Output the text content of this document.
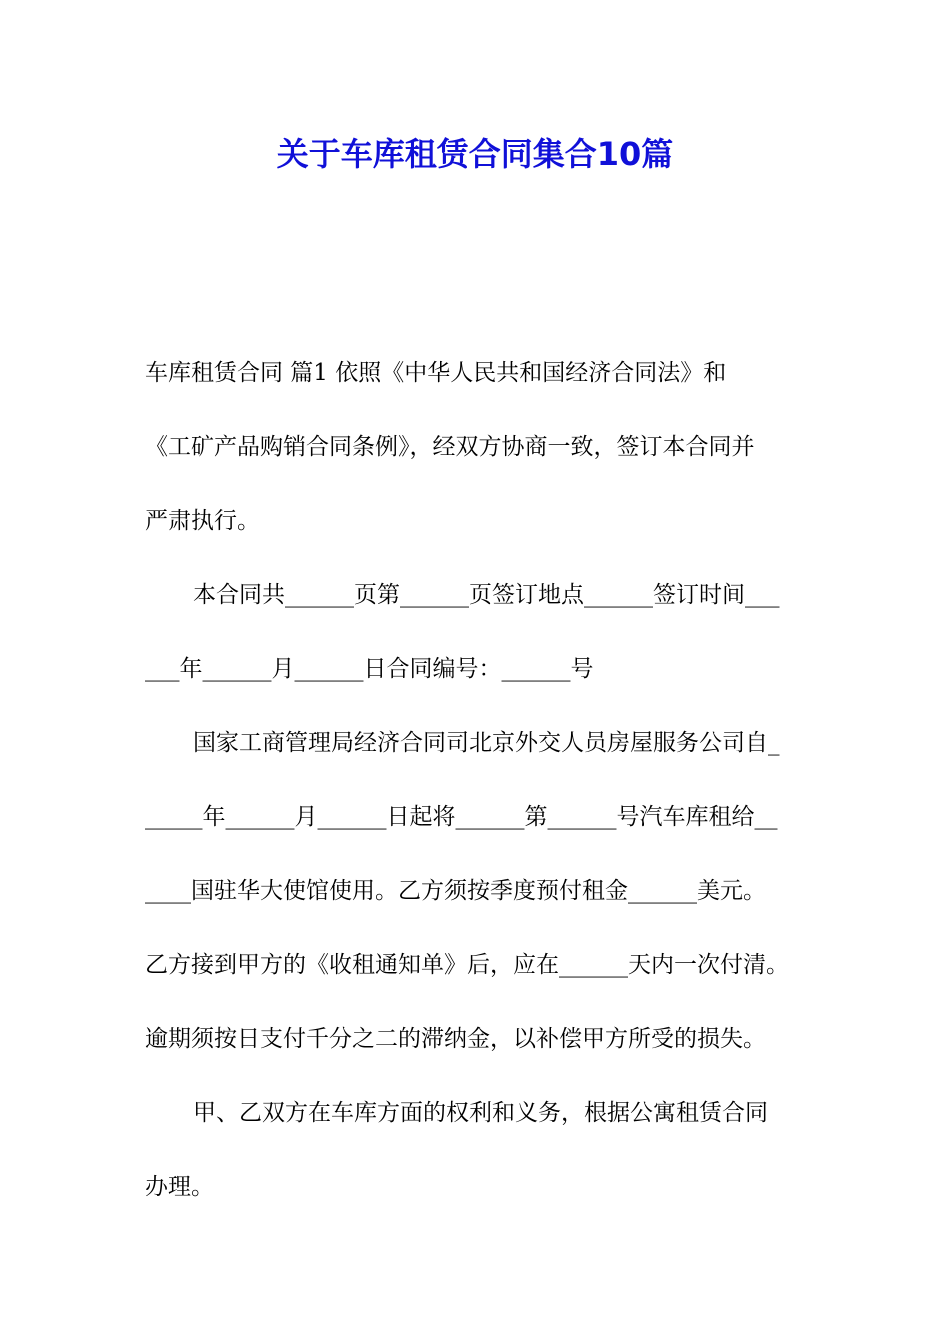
关于车库租赁合同集合10篇
车库租赁合同 篇1 依照《中华人民共和国经济合同法》和
《工矿产品购销合同条例》，经双方协商一致，签订本合同并
严肃执行。
本合同共______页第______页签订地点______签订时间___
___年______月______日合同编号：______号
国家工商管理局经济合同司北京外交人员房屋服务公司自_
_____年______月______日起将______第______号汽车库租给__
____国驻华大使馆使用。乙方须按季度预付租金______美元。
乙方接到甲方的《收租通知单》后，应在______天内一次付清。
逾期须按日支付千分之二的滞纳金，以补偿甲方所受的损失。
甲、乙双方在车库方面的权利和义务，根据公寓租赁合同
办理。
